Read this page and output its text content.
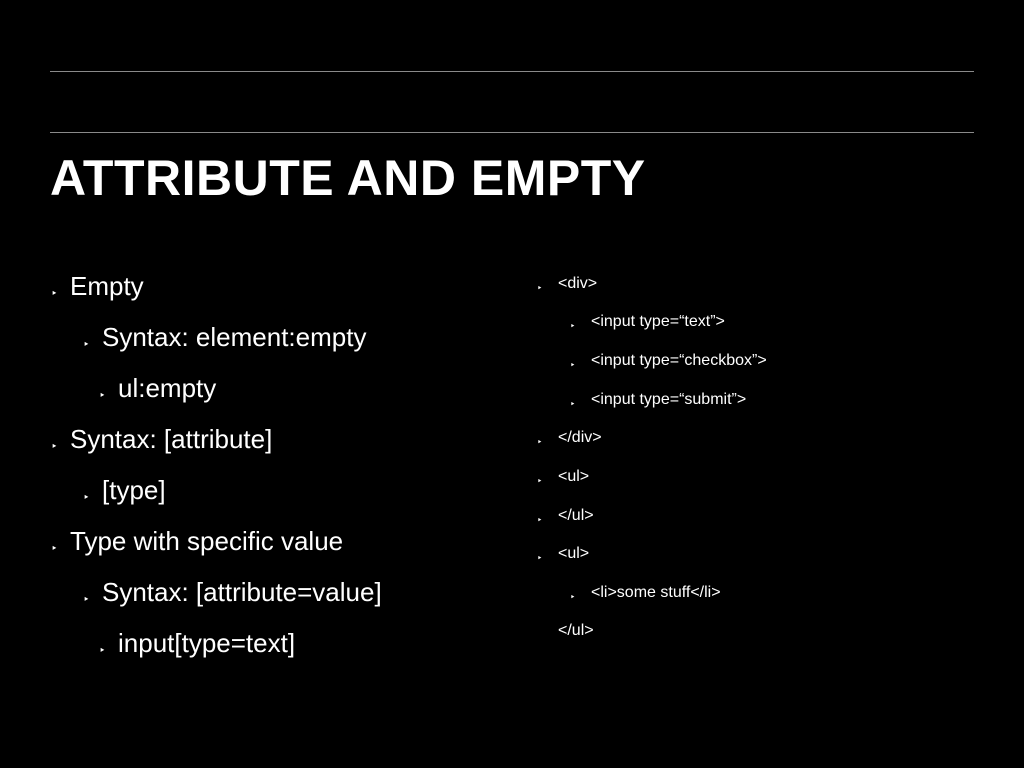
ATTRIBUTE AND EMPTY
‣ Empty
‣ Syntax: element:empty
‣ ul:empty
‣ Syntax: [attribute]
‣ [type]
‣ Type with specific value
‣ Syntax: [attribute=value]
‣ input[type=text]
‣ <div>
‣ <input type=“text”>
‣ <input type=“checkbox”>
‣ <input type=“submit”>
‣ </div>
‣ <ul>
‣ </ul>
‣ <ul>
‣ <li>some stuff</li>
</ul>
